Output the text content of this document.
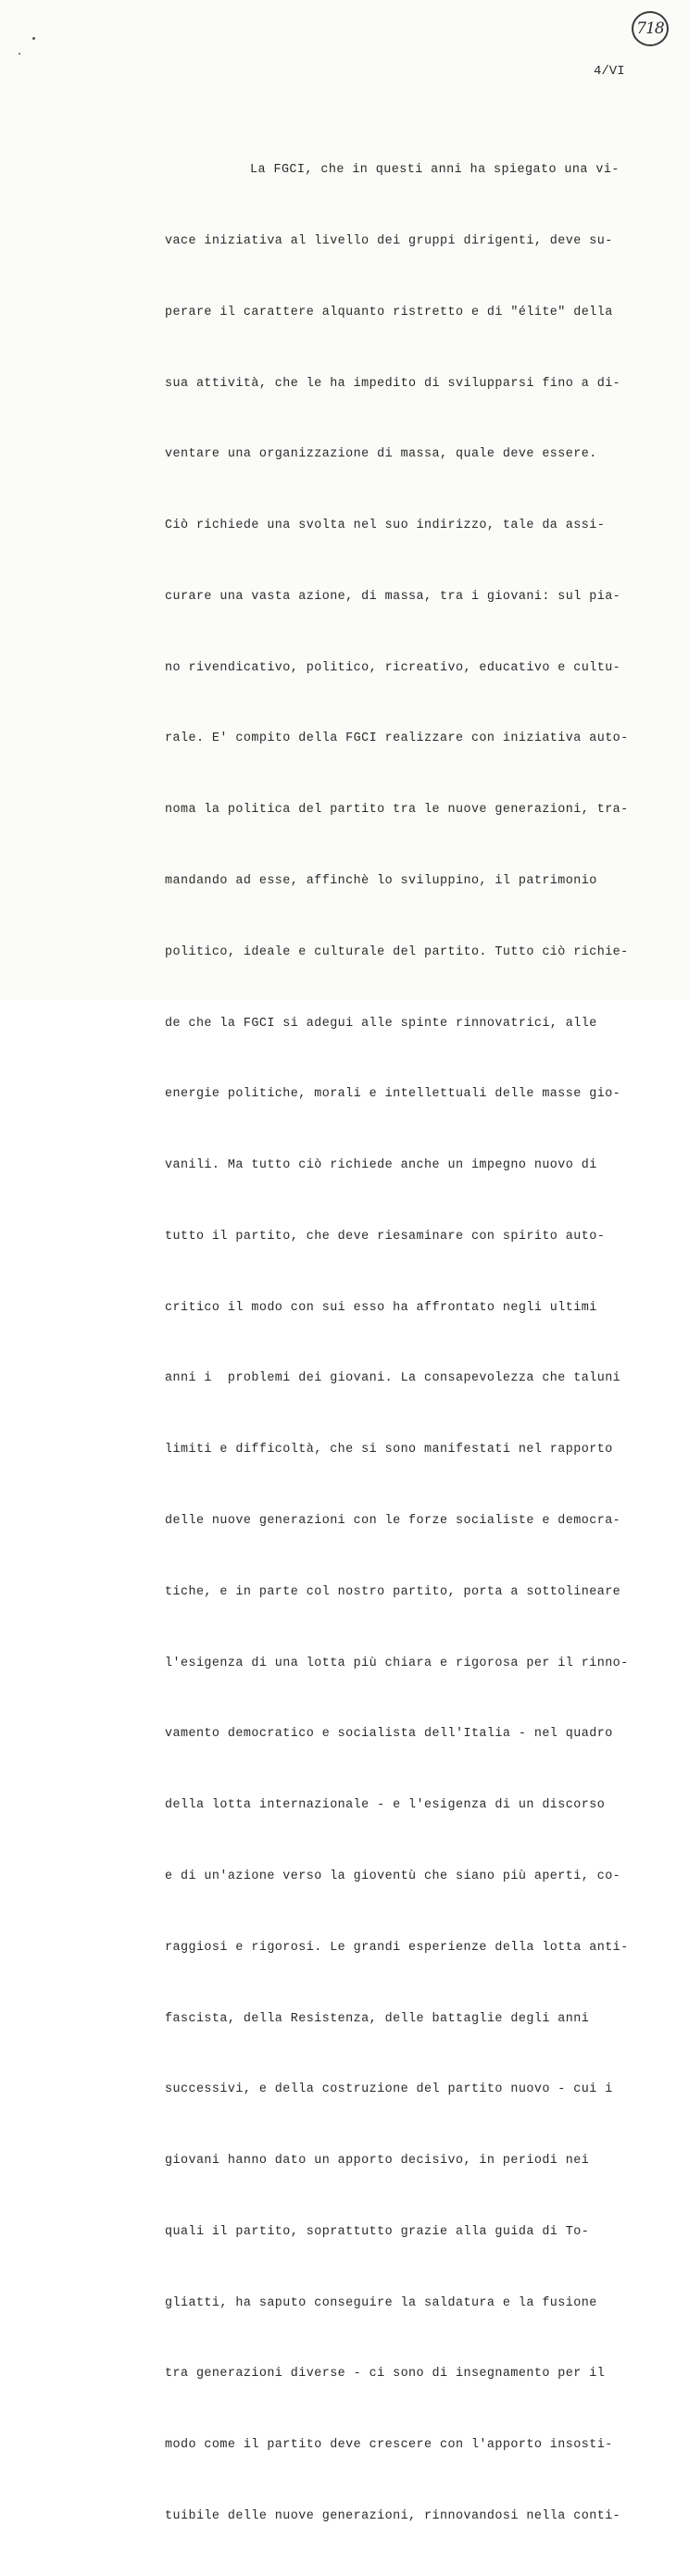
718
4/VI

La FGCI, che in questi anni ha spiegato una vi-

vace iniziativa al livello dei gruppi dirigenti, deve su-

perare il carattere alquanto ristretto e di "élite" della

sua attività, che le ha impedito di svilupparsi fino a di-

ventare una organizzazione di massa, quale deve essere.

Ciò richiede una svolta nel suo indirizzo, tale da assi-

curare una vasta azione, di massa, tra i giovani: sul pia-

no rivendicativo, politico, ricreativo, educativo e cultu-

rale. E' compito della FGCI realizzare con iniziativa auto-

noma la politica del partito tra le nuove generazioni, tra-

mandando ad esse, affinchè lo sviluppino, il patrimonio

politico, ideale e culturale del partito. Tutto ciò richie-

de che la FGCI si adegui alle spinte rinnovatrici, alle

energie politiche, morali e intellettuali delle masse gio-

vanili. Ma tutto ciò richiede anche un impegno nuovo di

tutto il partito, che deve riesaminare con spirito auto-

critico il modo con sui esso ha affrontato negli ultimi

anni i  problemi dei giovani. La consapevolezza che taluni

limiti e difficoltà, che si sono manifestati nel rapporto

delle nuove generazioni con le forze socialiste e democra-

tiche, e in parte col nostro partito, porta a sottolineare

l'esigenza di una lotta più chiara e rigorosa per il rinno-

vamento democratico e socialista dell'Italia - nel quadro

della lotta internazionale - e l'esigenza di un discorso

e di un'azione verso la gioventù che siano più aperti, co-

raggiosi e rigorosi. Le grandi esperienze della lotta anti-

fascista, della Resistenza, delle battaglie degli anni

successivi, e della costruzione del partito nuovo - cui i

giovani hanno dato un apporto decisivo, in periodi nei

quali il partito, soprattutto grazie alla guida di To-

gliatti, ha saputo conseguire la saldatura e la fusione

tra generazioni diverse - ci sono di insegnamento per il

modo come il partito deve crescere con l'apporto insosti-

tuibile delle nuove generazioni, rinnovandosi nella conti-
